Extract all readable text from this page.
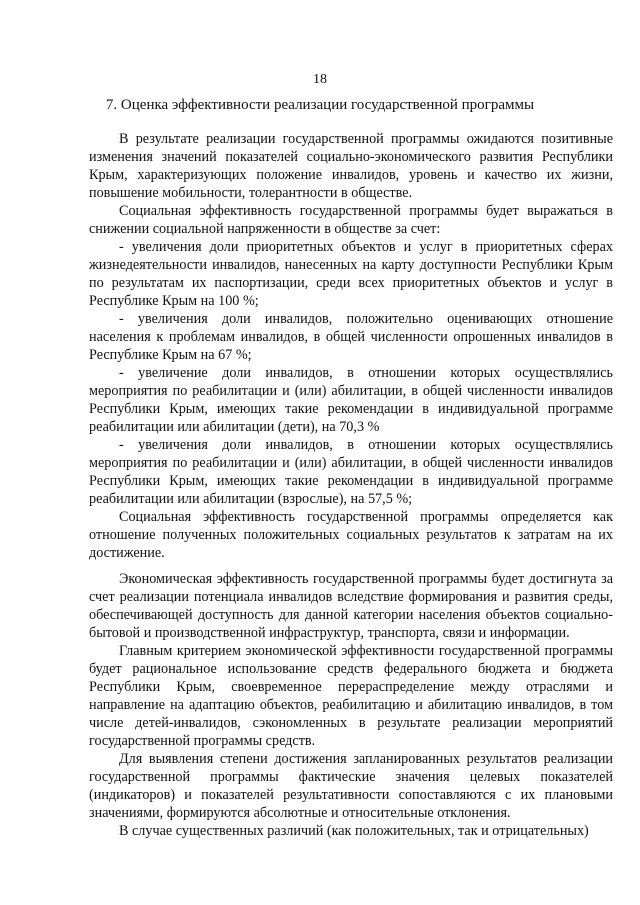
18
7. Оценка эффективности реализации государственной программы

В результате реализации государственной программы ожидаются позитивные изменения значений показателей социально-экономического развития Республики Крым, характеризующих положение инвалидов, уровень и качество их жизни, повышение мобильности, толерантности в обществе.

Социальная эффективность государственной программы будет выражаться в снижении социальной напряженности в обществе за счет:

- увеличения доли приоритетных объектов и услуг в приоритетных сферах жизнедеятельности инвалидов, нанесенных на карту доступности Республики Крым по результатам их паспортизации, среди всех приоритетных объектов и услуг в Республике Крым на 100 %;

- увеличения доли инвалидов, положительно оценивающих отношение населения к проблемам инвалидов, в общей численности опрошенных инвалидов в Республике Крым на 67 %;

- увеличение доли инвалидов, в отношении которых осуществлялись мероприятия по реабилитации и (или) абилитации, в общей численности инвалидов Республики Крым, имеющих такие рекомендации в индивидуальной программе реабилитации или абилитации (дети), на 70,3 %

- увеличения доли инвалидов, в отношении которых осуществлялись мероприятия по реабилитации и (или) абилитации, в общей численности инвалидов Республики Крым, имеющих такие рекомендации в индивидуальной программе реабилитации или абилитации (взрослые), на 57,5 %;

Социальная эффективность государственной программы определяется как отношение полученных положительных социальных результатов к затратам на их достижение.

Экономическая эффективность государственной программы будет достигнута за счет реализации потенциала инвалидов вследствие формирования и развития среды, обеспечивающей доступность для данной категории населения объектов социально-бытовой и производственной инфраструктур, транспорта, связи и информации.

Главным критерием экономической эффективности государственной программы будет рациональное использование средств федерального бюджета и бюджета Республики Крым, своевременное перераспределение между отраслями и направление на адаптацию объектов, реабилитацию и абилитацию инвалидов, в том числе детей-инвалидов, сэкономленных в результате реализации мероприятий государственной программы средств.

Для выявления степени достижения запланированных результатов реализации государственной программы фактические значения целевых показателей (индикаторов) и показателей результативности сопоставляются с их плановыми значениями, формируются абсолютные и относительные отклонения.

В случае существенных различий (как положительных, так и отрицательных)
